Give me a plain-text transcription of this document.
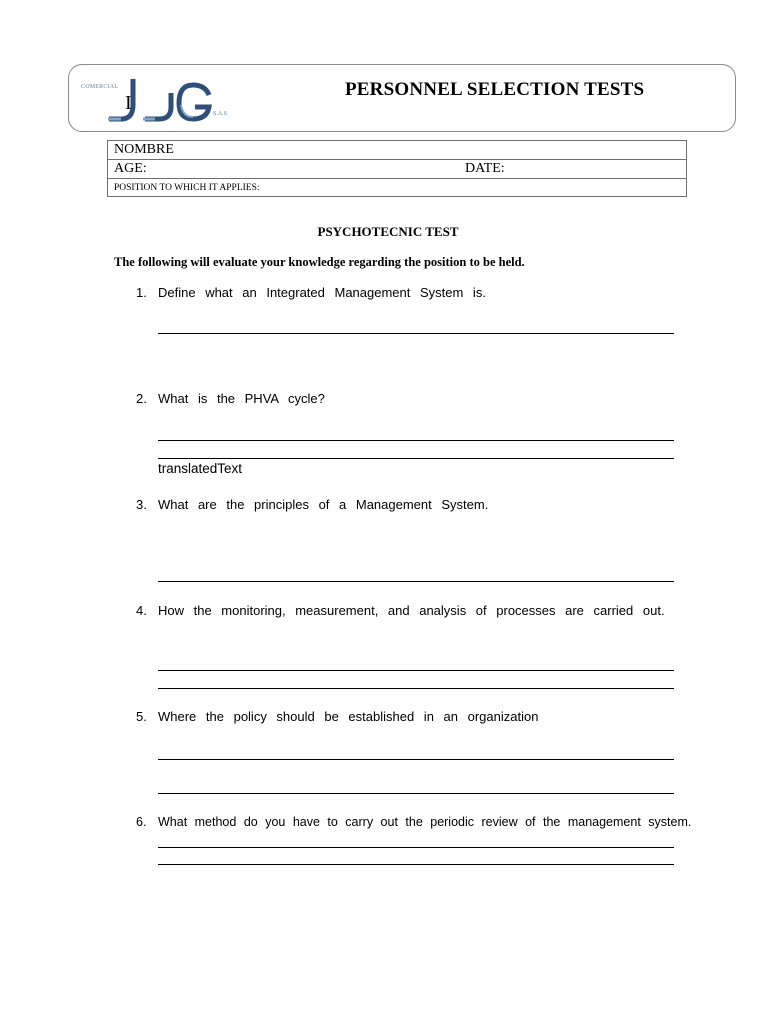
I
COMERCIAL
S.A.S
PERSONNEL SELECTION TESTS
NOMBRE
AGE:	DATE:

POSITION TO WHICH IT APPLIES:
PSYCHOTECNIC TEST
The following will evaluate your knowledge regarding the position to be held.
1. Define what an Integrated Management System is.
2. What is the PHVA cycle?
translatedText
3. What are the principles of a Management System.
4. How the monitoring, measurement, and analysis of processes are carried out.
5. Where the policy should be established in an organization
6. What method do you have to carry out the periodic review of the management system.
